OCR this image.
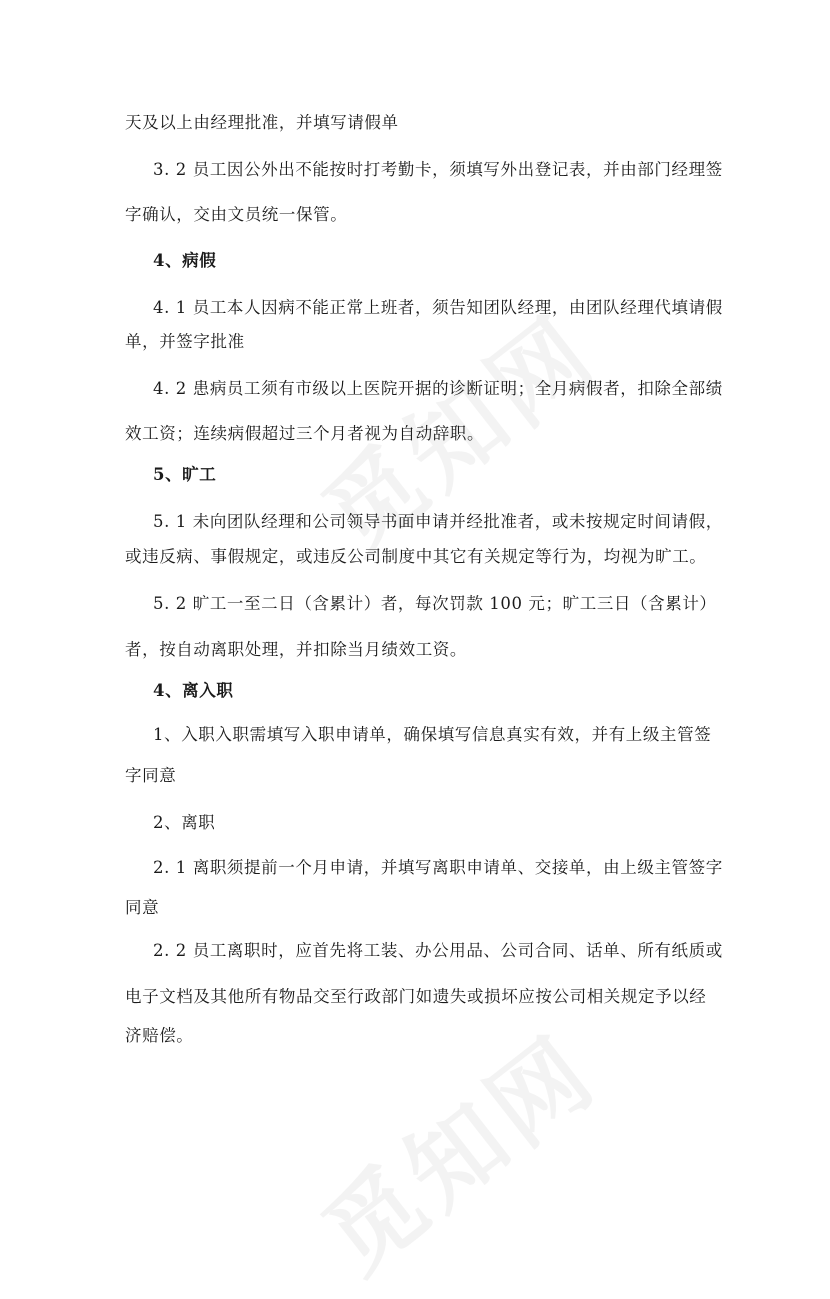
天及以上由经理批准，并填写请假单
3. 2 员工因公外出不能按时打考勤卡，须填写外出登记表，并由部门经理签
字确认，交由文员统一保管。
4、病假
4. 1 员工本人因病不能正常上班者，须告知团队经理，由团队经理代填请假
单，并签字批准
4. 2 患病员工须有市级以上医院开据的诊断证明；全月病假者，扣除全部绩
效工资；连续病假超过三个月者视为自动辞职。
5、旷工
5. 1 未向团队经理和公司领导书面申请并经批准者，或未按规定时间请假，
或违反病、事假规定，或违反公司制度中其它有关规定等行为，均视为旷工。
5. 2 旷工一至二日（含累计）者，每次罚款 100 元；旷工三日（含累计）
者，按自动离职处理，并扣除当月绩效工资。
4、离入职
1、入职入职需填写入职申请单，确保填写信息真实有效，并有上级主管签
字同意
2、离职
2. 1 离职须提前一个月申请，并填写离职申请单、交接单，由上级主管签字
同意
2. 2 员工离职时，应首先将工装、办公用品、公司合同、话单、所有纸质或
电子文档及其他所有物品交至行政部门如遗失或损坏应按公司相关规定予以经
济赔偿。
